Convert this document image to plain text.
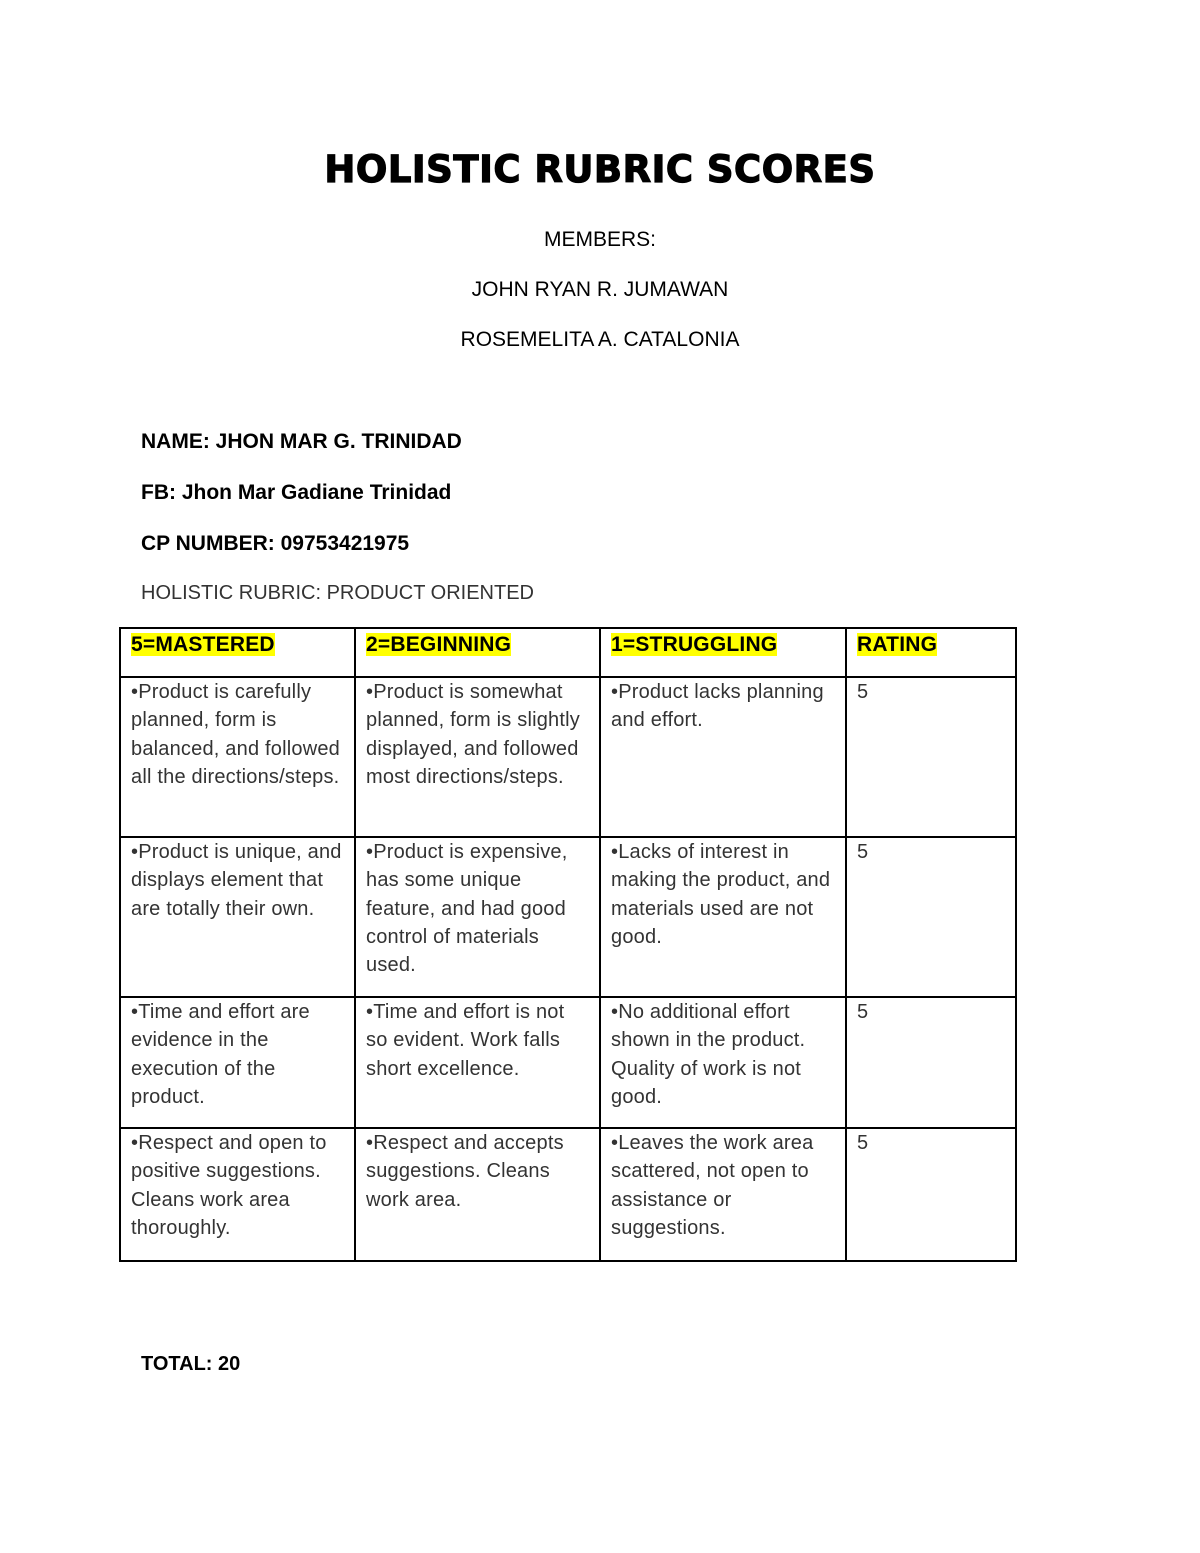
HOLISTIC RUBRIC SCORES
MEMBERS:
JOHN RYAN R. JUMAWAN
ROSEMELITA A. CATALONIA
NAME: JHON MAR G. TRINIDAD
FB: Jhon Mar Gadiane Trinidad
CP NUMBER: 09753421975
HOLISTIC RUBRIC: PRODUCT ORIENTED
5=MASTERED	2=BEGINNING	1=STRUGGLING	RATING
•Product is carefully planned, form is balanced, and followed all the directions/steps.	•Product is somewhat planned, form is slightly displayed, and followed most directions/steps.	•Product lacks planning and effort.	5
•Product is unique, and displays element that are totally their own.	•Product is expensive, has some unique feature, and had good control of materials used.	•Lacks of interest in making the product, and materials used are not good.	5
•Time and effort are evidence in the execution of the product.	•Time and effort is not so evident. Work falls short excellence.	•No additional effort shown in the product. Quality of work is not good.	5
•Respect and open to positive suggestions. Cleans work area thoroughly.	•Respect and accepts suggestions. Cleans work area.	•Leaves the work area scattered, not open to assistance or suggestions.	5
TOTAL: 20
